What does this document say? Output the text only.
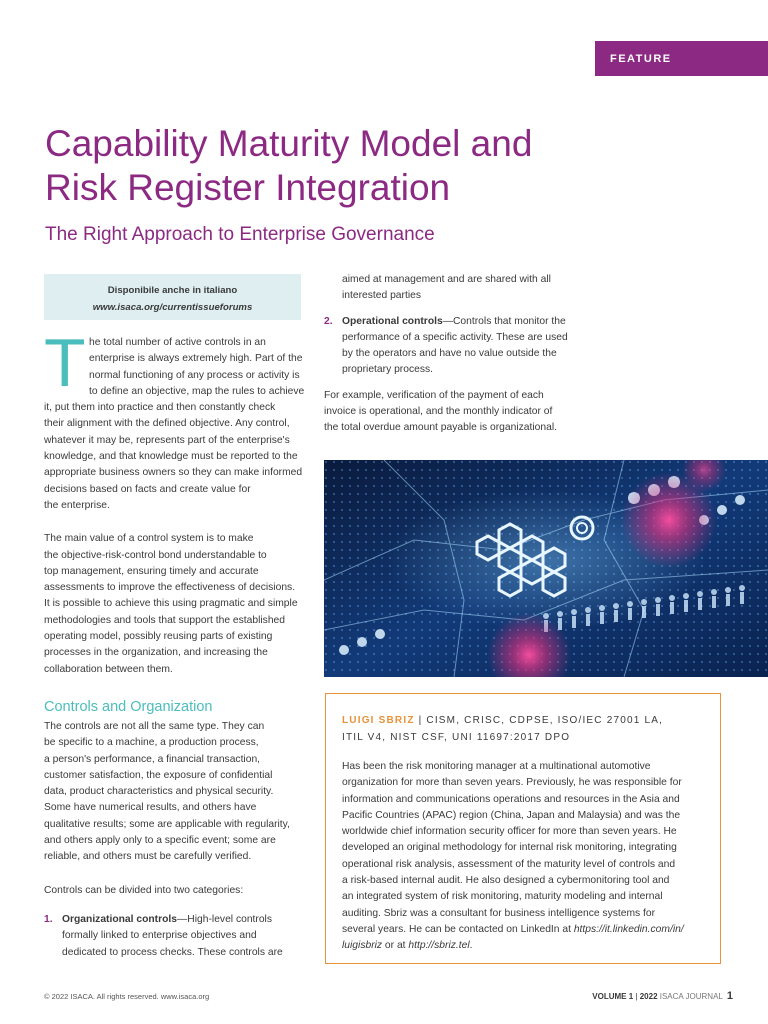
FEATURE
Capability Maturity Model and
Risk Register Integration
The Right Approach to Enterprise Governance
Disponibile anche in italiano
www.isaca.org/currentissueforums
T he total number of active controls in an
enterprise is always extremely high. Part of the
normal functioning of any process or activity is
to define an objective, map the rules to achieve
it, put them into practice and then constantly check
their alignment with the defined objective. Any control,
whatever it may be, represents part of the enterprise's
knowledge, and that knowledge must be reported to the
appropriate business owners so they can make informed
decisions based on facts and create value for
the enterprise.

The main value of a control system is to make
the objective-risk-control bond understandable to
top management, ensuring timely and accurate
assessments to improve the effectiveness of decisions.
It is possible to achieve this using pragmatic and simple
methodologies and tools that support the established
operating model, possibly reusing parts of existing
processes in the organization, and increasing the
collaboration between them.

Controls and Organization

The controls are not all the same type. They can
be specific to a machine, a production process,
a person's performance, a financial transaction,
customer satisfaction, the exposure of confidential
data, product characteristics and physical security.
Some have numerical results, and others have
qualitative results; some are applicable with regularity,
and others apply only to a specific event; some are
reliable, and others must be carefully verified.

Controls can be divided into two categories:

1. Organizational controls—High-level controls
formally linked to enterprise objectives and
dedicated to process checks. These controls are

aimed at management and are shared with all
interested parties

2. Operational controls—Controls that monitor the
performance of a specific activity. These are used
by the operators and have no value outside the
proprietary process.

For example, verification of the payment of each
invoice is operational, and the monthly indicator of
the total overdue amount payable is organizational.

LUIGI SBRIZ | CISM, CRISC, CDPSE, ISO/IEC 27001 LA,
ITIL V4, NIST CSF, UNI 11697:2017 DPO

Has been the risk monitoring manager at a multinational automotive
organization for more than seven years. Previously, he was responsible for
information and communications operations and resources in the Asia and
Pacific Countries (APAC) region (China, Japan and Malaysia) and was the
worldwide chief information security officer for more than seven years. He
developed an original methodology for internal risk monitoring, integrating
operational risk analysis, assessment of the maturity level of controls and
a risk-based internal audit. He also designed a cybermonitoring tool and
an integrated system of risk monitoring, maturity modeling and internal
auditing. Sbriz was a consultant for business intelligence systems for
several years. He can be contacted on LinkedIn at https://it.linkedin.com/in/
luigisbriz or at http://sbriz.tel.
© 2022 ISACA. All rights reserved. www.isaca.org	VOLUME 1 | 2022 ISACA JOURNAL 1
